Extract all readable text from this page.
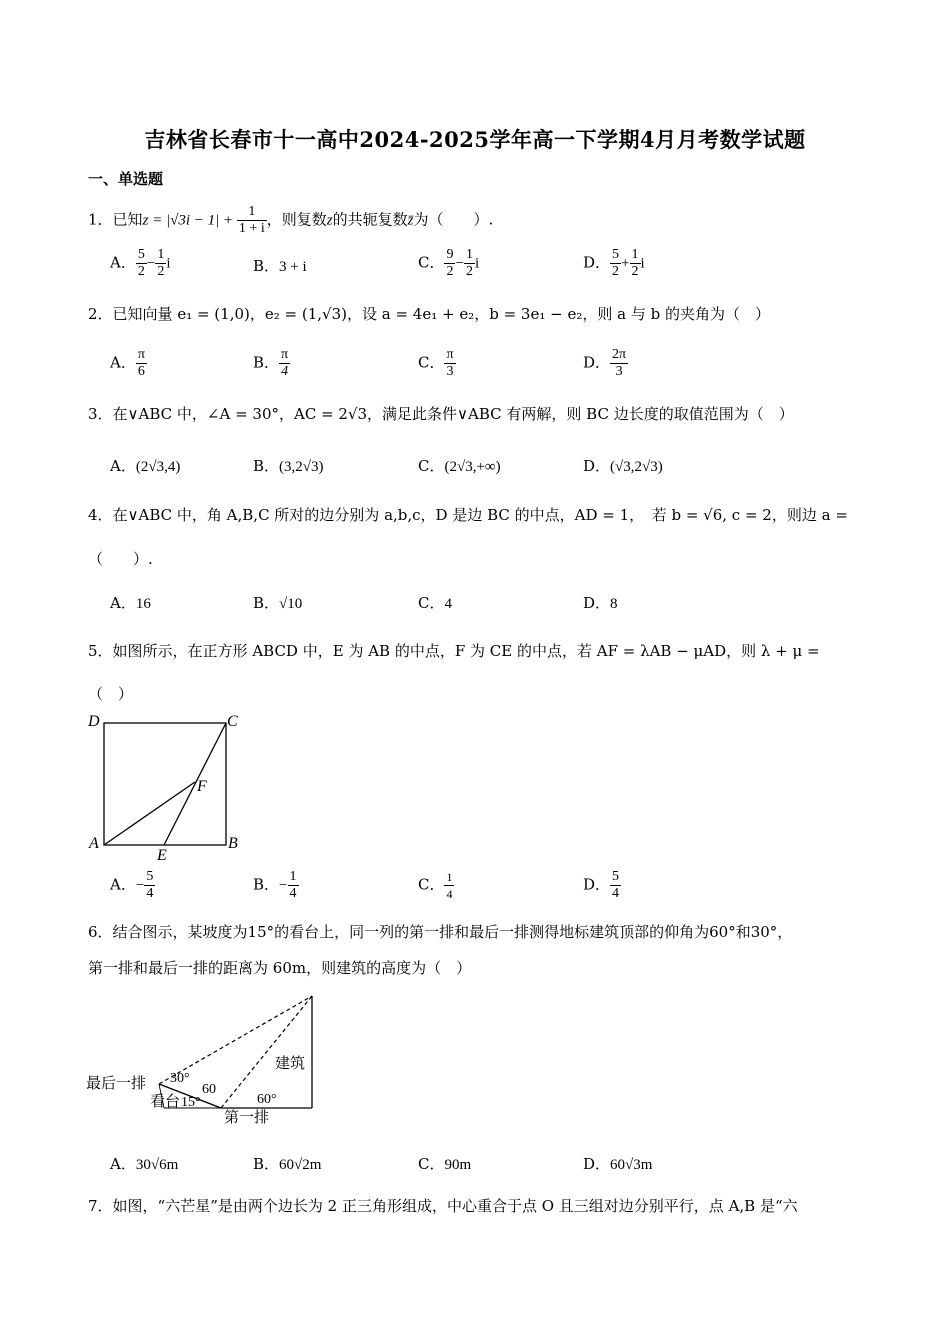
吉林省长春市十一高中2024-2025学年高一下学期4月月考数学试题
一、单选题
1．已知$z = |√3i - 1| + \frac{1}{1 + i}$ ，则复数z的共轭复数z̄为（　　）.
A． $\frac{5}{2} - \frac{1}{2}$ i	B．3 + i	C． $\frac{9}{2} - \frac{1}{2}$ i	D． $\frac{5}{2} + \frac{1}{2}$ i
2．已知向量 e₁ = (1,0)，e₂ = (1,√3)，设 a = 4e₁ + e₂，b = 3e₁ − e₂，则 a 与 b 的夹角为（　）
A． $\frac{\pi}{6}$	B． $\frac{\pi}{4}$	C． $\frac{\pi}{3}$	D． $\frac{2\pi}{3}$
3．在∨ABC 中，∠A = 30°，AC = 2√3，满足此条件∨ABC 有两解，则 BC 边长度的取值范围为（　）
A．(2√3,4)	B．(3,2√3)	C．(2√3,+∞)	D．(√3,2√3)
4．在∨ABC 中，角 A,B,C 所对的边分别为 a,b,c，D 是边 BC 的中点，AD = 1，　若 b = √6, c = 2，则边 a =
（　　）.
A．16	B．√10	C．4	D．8
5．如图所示，在正方形 ABCD 中，E 为 AB 的中点，F 为 CE 的中点，若 AF = λAB − μAD，则 λ + μ =
（　）
D	C
A	B
E
F
A．− $\frac{5}{4}$	B．− $\frac{1}{4}$	C． $\frac{1}{4}$	D． $\frac{5}{4}$
6．结合图示，某坡度为15°的看台上，同一列的第一排和最后一排测得地标建筑顶部的仰角为60°和30°，
第一排和最后一排的距离为 60m，则建筑的高度为（　）
最后一排
看台
第一排
建筑
30°
15°	60°
60
A．30√6m	B．60√2m	C．90m	D．60√3m
7．如图，“六芒星”是由两个边长为 2 正三角形组成，中心重合于点 O 且三组对边分别平行，点 A,B 是“六
